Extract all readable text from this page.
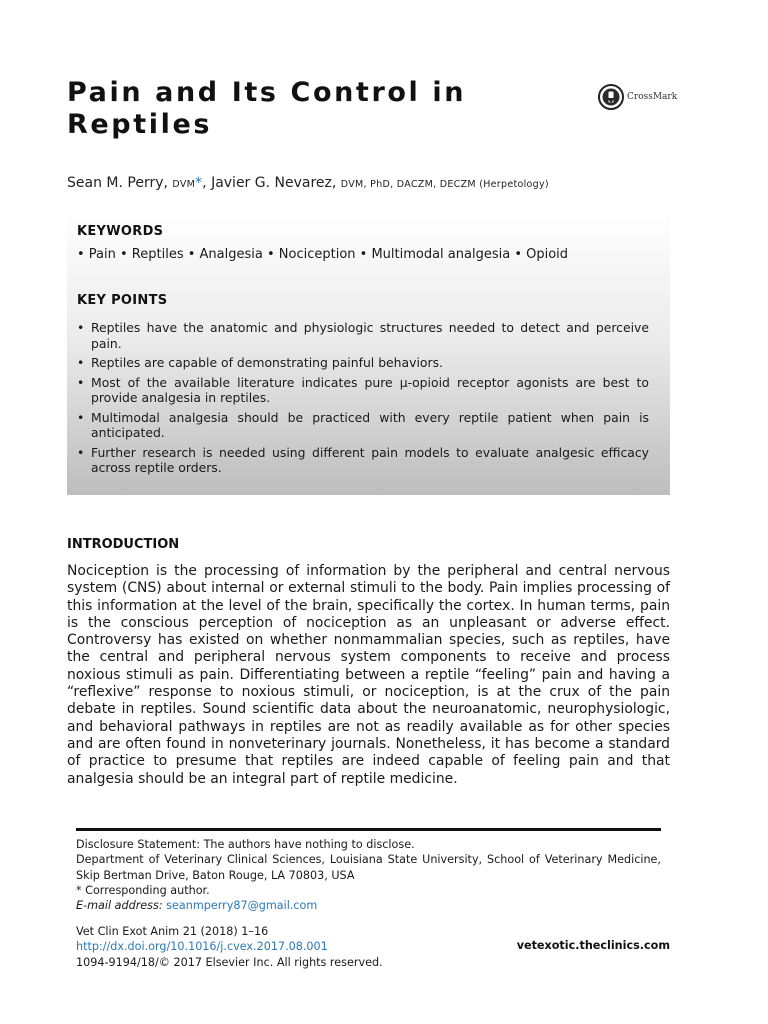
Pain and Its Control in
Reptiles
CrossMark
Sean M. Perry, DVM*, Javier G. Nevarez, DVM, PhD, DACZM, DECZM (Herpetology)
KEYWORDS
• Pain • Reptiles • Analgesia • Nociception • Multimodal analgesia • Opioid
KEY POINTS
• Reptiles have the anatomic and physiologic structures needed to detect and perceive pain.
• Reptiles are capable of demonstrating painful behaviors.
• Most of the available literature indicates pure μ-opioid receptor agonists are best to provide analgesia in reptiles.
• Multimodal analgesia should be practiced with every reptile patient when pain is anticipated.
• Further research is needed using different pain models to evaluate analgesic efficacy across reptile orders.
INTRODUCTION

Nociception is the processing of information by the peripheral and central nervous system (CNS) about internal or external stimuli to the body. Pain implies processing of this information at the level of the brain, specifically the cortex. In human terms, pain is the conscious perception of nociception as an unpleasant or adverse effect. Controversy has existed on whether nonmammalian species, such as reptiles, have the central and peripheral nervous system components to receive and process noxious stimuli as pain. Differentiating between a reptile “feeling” pain and having a “reflexive” response to noxious stimuli, or nociception, is at the crux of the pain debate in reptiles. Sound scientific data about the neuroanatomic, neurophysiologic, and behavioral pathways in reptiles are not as readily available as for other species and are often found in nonveterinary journals. Nonetheless, it has become a standard of practice to presume that reptiles are indeed capable of feeling pain and that analgesia should be an integral part of reptile medicine.

Disclosure Statement: The authors have nothing to disclose.

Department of Veterinary Clinical Sciences, Louisiana State University, School of Veterinary Medicine, Skip Bertman Drive, Baton Rouge, LA 70803, USA

* Corresponding author.

E-mail address: seanmperry87@gmail.com

Vet Clin Exot Anim 21 (2018) 1–16

http://dx.doi.org/10.1016/j.cvex.2017.08.001

1094-9194/18/© 2017 Elsevier Inc. All rights reserved.

vetexotic.theclinics.com
